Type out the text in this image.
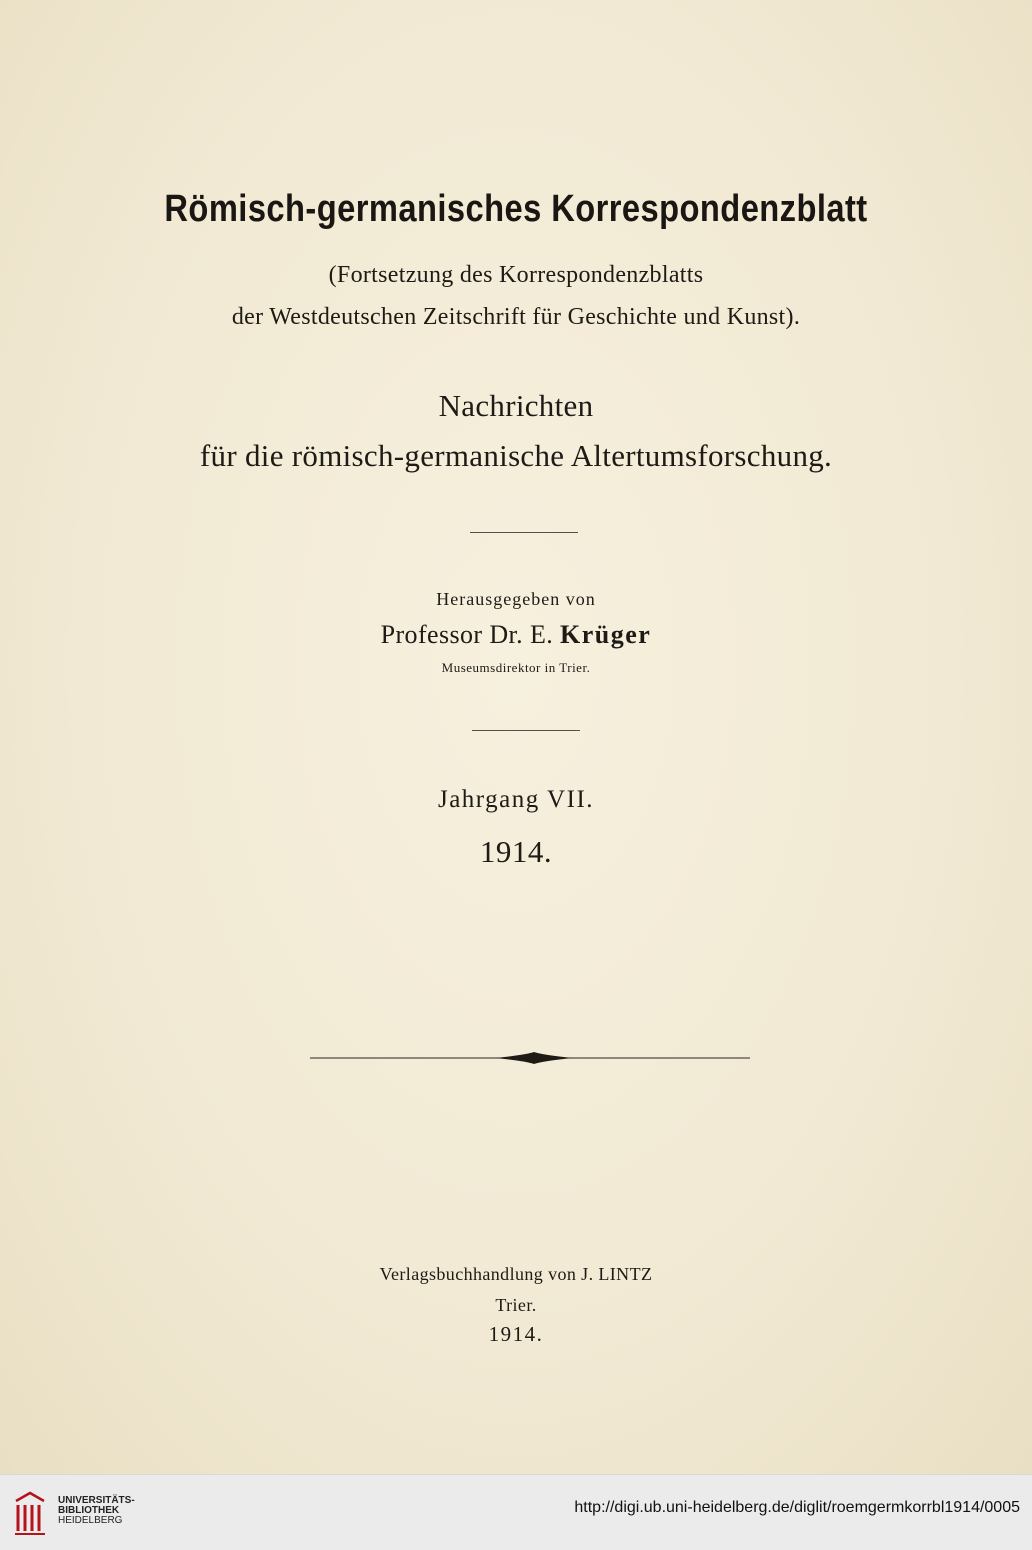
Römisch-germanisches Korrespondenzblatt
(Fortsetzung des Korrespondenzblatts
der Westdeutschen Zeitschrift für Geschichte und Kunst).
Nachrichten
für die römisch-germanische Altertumsforschung.
Herausgegeben von
Professor Dr. E. Krüger
Museumsdirektor in Trier.
Jahrgang VII.
1914.
Verlagsbuchhandlung von J. LINTZ
Trier.
1914.
UNIVERSITÄTS-
BIBLIOTHEK
HEIDELBERG
http://digi.ub.uni-heidelberg.de/diglit/roemgermkorrbl1914/0005
